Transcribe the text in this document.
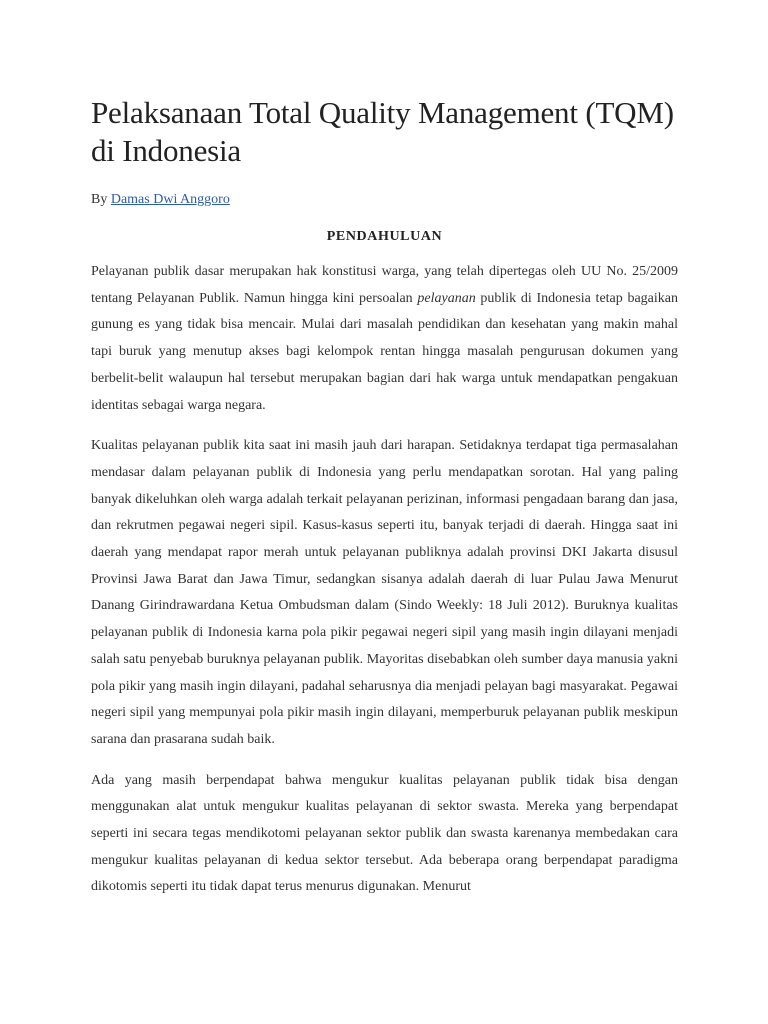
Pelaksanaan Total Quality Management (TQM) di Indonesia
By Damas Dwi Anggoro
PENDAHULUAN

Pelayanan publik dasar merupakan hak konstitusi warga, yang telah dipertegas oleh UU No. 25/2009 tentang Pelayanan Publik. Namun hingga kini persoalan pelayanan publik di Indonesia tetap bagaikan gunung es yang tidak bisa mencair. Mulai dari masalah pendidikan dan kesehatan yang makin mahal tapi buruk yang menutup akses bagi kelompok rentan hingga masalah pengurusan dokumen yang berbelit-belit walaupun hal tersebut merupakan bagian dari hak warga untuk mendapatkan pengakuan identitas sebagai warga negara.

Kualitas pelayanan publik kita saat ini masih jauh dari harapan. Setidaknya terdapat tiga permasalahan mendasar dalam pelayanan publik di Indonesia yang perlu mendapatkan sorotan. Hal yang paling banyak dikeluhkan oleh warga adalah terkait pelayanan perizinan, informasi pengadaan barang dan jasa, dan rekrutmen pegawai negeri sipil. Kasus-kasus seperti itu, banyak terjadi di daerah. Hingga saat ini daerah yang mendapat rapor merah untuk pelayanan publiknya adalah provinsi DKI Jakarta disusul Provinsi Jawa Barat dan Jawa Timur, sedangkan sisanya adalah daerah di luar Pulau Jawa Menurut Danang Girindrawardana Ketua Ombudsman dalam (Sindo Weekly: 18 Juli 2012). Buruknya kualitas pelayanan publik di Indonesia karna pola pikir pegawai negeri sipil yang masih ingin dilayani menjadi salah satu penyebab buruknya pelayanan publik. Mayoritas disebabkan oleh sumber daya manusia yakni pola pikir yang masih ingin dilayani, padahal seharusnya dia menjadi pelayan bagi masyarakat. Pegawai negeri sipil yang mempunyai pola pikir masih ingin dilayani, memperburuk pelayanan publik meskipun sarana dan prasarana sudah baik.

Ada yang masih berpendapat bahwa mengukur kualitas pelayanan publik tidak bisa dengan menggunakan alat untuk mengukur kualitas pelayanan di sektor swasta. Mereka yang berpendapat seperti ini secara tegas mendikotomi pelayanan sektor publik dan swasta karenanya membedakan cara mengukur kualitas pelayanan di kedua sektor tersebut. Ada beberapa orang berpendapat paradigma dikotomis seperti itu tidak dapat terus menurus digunakan. Menurut
